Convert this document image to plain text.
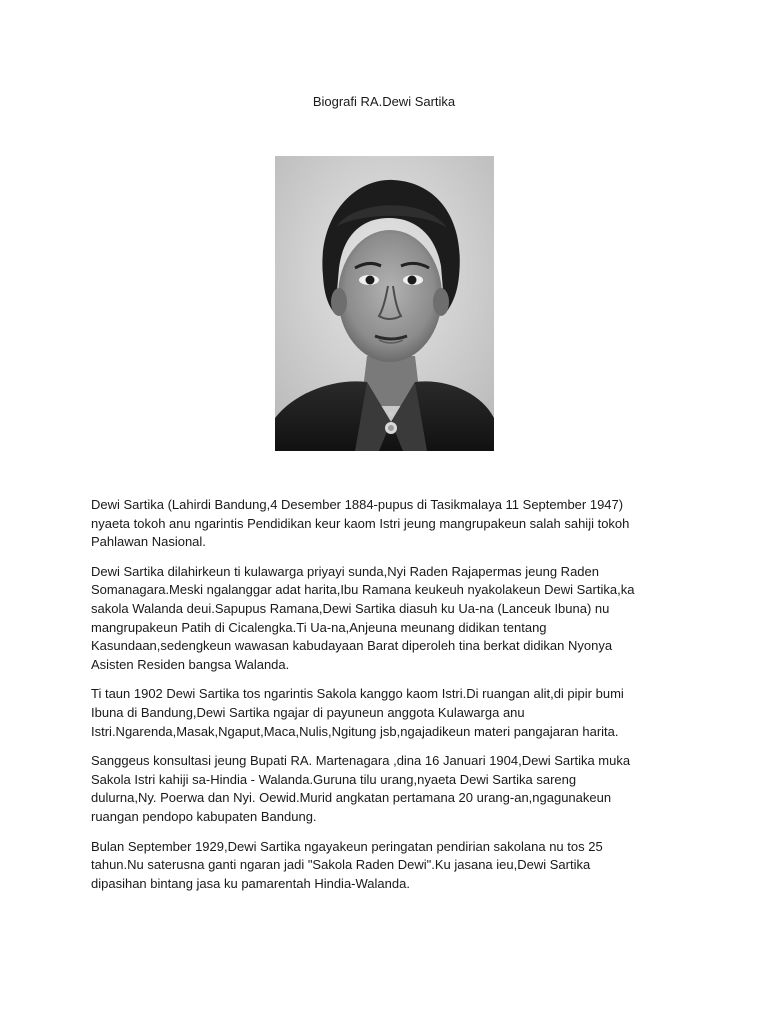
Biografi RA.Dewi Sartika

Dewi Sartika (Lahirdi Bandung,4 Desember 1884-pupus di Tasikmalaya 11 September 1947)
nyaeta tokoh anu ngarintis Pendidikan keur kaom Istri jeung mangrupakeun salah sahiji tokoh
Pahlawan Nasional.

Dewi Sartika dilahirkeun ti kulawarga priyayi sunda,Nyi Raden Rajapermas jeung Raden
Somanagara.Meski ngalanggar adat harita,Ibu Ramana keukeuh nyakolakeun Dewi Sartika,ka
sakola Walanda deui.Sapupus Ramana,Dewi Sartika diasuh ku Ua-na (Lanceuk Ibuna) nu
mangrupakeun Patih di Cicalengka.Ti Ua-na,Anjeuna meunang didikan tentang
Kasundaan,sedengkeun wawasan kabudayaan Barat diperoleh tina berkat didikan Nyonya
Asisten Residen bangsa Walanda.

Ti taun 1902 Dewi Sartika tos ngarintis Sakola kanggo kaom Istri.Di ruangan alit,di pipir bumi
Ibuna di Bandung,Dewi Sartika ngajar di payuneun anggota Kulawarga anu
Istri.Ngarenda,Masak,Ngaput,Maca,Nulis,Ngitung jsb,ngajadikeun materi pangajaran harita.

Sanggeus konsultasi jeung Bupati RA. Martenagara ,dina 16 Januari 1904,Dewi Sartika muka
Sakola Istri kahiji sa-Hindia - Walanda.Guruna tilu urang,nyaeta Dewi Sartika sareng
dulurna,Ny. Poerwa dan Nyi. Oewid.Murid angkatan pertamana 20 urang-an,ngagunakeun
ruangan pendopo kabupaten Bandung.

Bulan September 1929,Dewi Sartika ngayakeun peringatan pendirian sakolana nu tos 25
tahun.Nu saterusna ganti ngaran jadi "Sakola Raden Dewi".Ku jasana ieu,Dewi Sartika
dipasihan bintang jasa ku pamarentah Hindia-Walanda.
